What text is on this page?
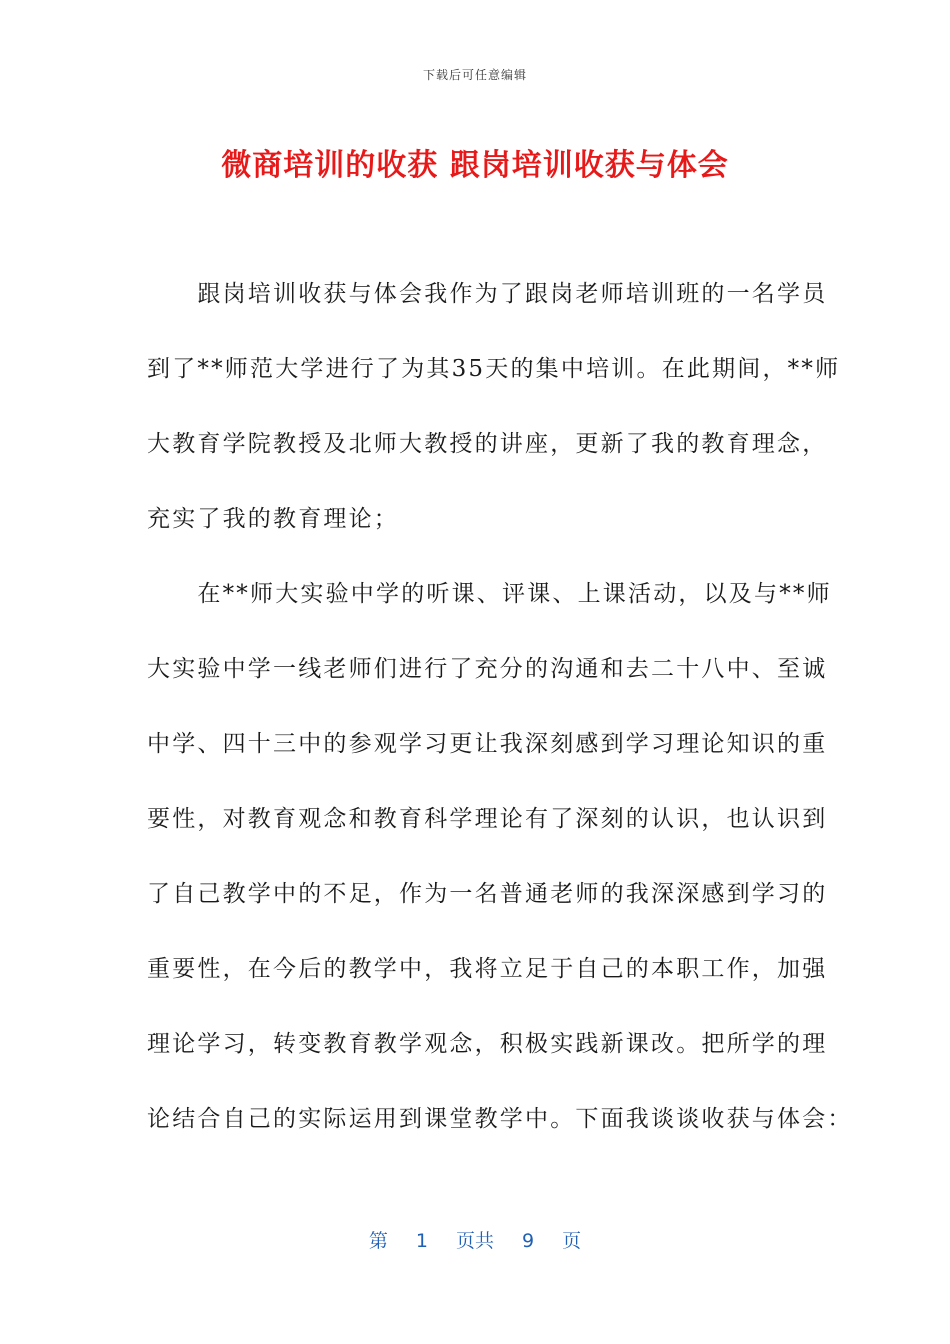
下载后可任意编辑
微商培训的收获 跟岗培训收获与体会
　　跟岗培训收获与体会我作为了跟岗老师培训班的一名学员
到了**师范大学进行了为其35天的集中培训。在此期间，**师
大教育学院教授及北师大教授的讲座，更新了我的教育理念，
充实了我的教育理论；
　　在**师大实验中学的听课、评课、上课活动，以及与**师
大实验中学一线老师们进行了充分的沟通和去二十八中、至诚
中学、四十三中的参观学习更让我深刻感到学习理论知识的重
要性，对教育观念和教育科学理论有了深刻的认识，也认识到
了自己教学中的不足，作为一名普通老师的我深深感到学习的
重要性，在今后的教学中，我将立足于自己的本职工作，加强
理论学习，转变教育教学观念，积极实践新课改。把所学的理
论结合自己的实际运用到课堂教学中。下面我谈谈收获与体会：
第 1 页共 9 页
